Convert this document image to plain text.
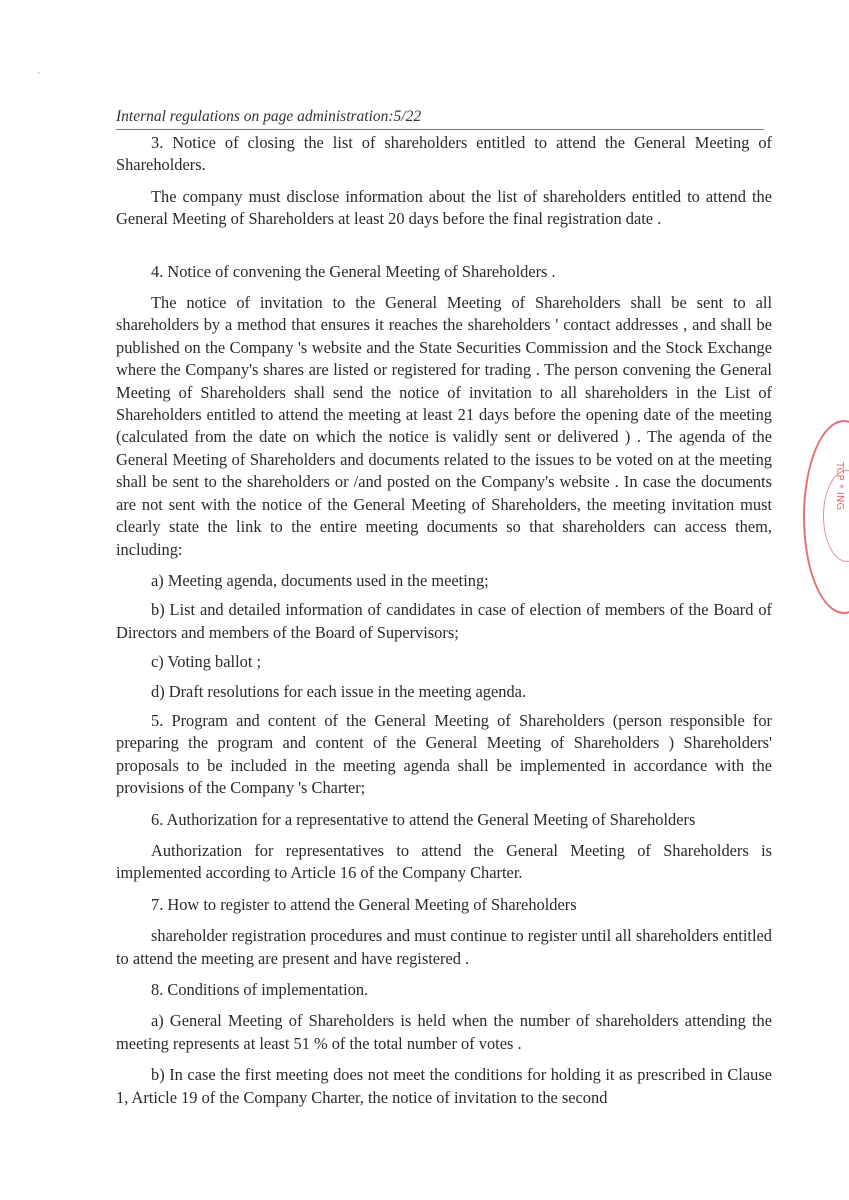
Internal regulations on page administration:5/22

3. Notice of closing the list of shareholders entitled to attend the General Meeting of Shareholders.

The company must disclose information about the list of shareholders entitled to attend the General Meeting of Shareholders at least 20 days before the final registration date .

4. Notice of convening the General Meeting of Shareholders .

The notice of invitation to the General Meeting of Shareholders shall be sent to all shareholders by a method that ensures it reaches the shareholders ' contact addresses , and shall be published on the Company 's website and the State Securities Commission and the Stock Exchange where the Company's shares are listed or registered for trading . The person convening the General Meeting of Shareholders shall send the notice of invitation to all shareholders in the List of Shareholders entitled to attend the meeting at least 21 days before the opening date of the meeting (calculated from the date on which the notice is validly sent or delivered ) . The agenda of the General Meeting of Shareholders and documents related to the issues to be voted on at the meeting shall be sent to the shareholders or /and posted on the Company's website . In case the documents are not sent with the notice of the General Meeting of Shareholders, the meeting invitation must clearly state the link to the entire meeting documents so that shareholders can access them, including:

a) Meeting agenda, documents used in the meeting;

b) List and detailed information of candidates in case of election of members of the Board of Directors and members of the Board of Supervisors;

c) Voting ballot ;

d) Draft resolutions for each issue in the meeting agenda.

5. Program and content of the General Meeting of Shareholders (person responsible for preparing the program and content of the General Meeting of Shareholders ) Shareholders' proposals to be included in the meeting agenda shall be implemented in accordance with the provisions of the Company 's Charter;

6. Authorization for a representative to attend the General Meeting of Shareholders

Authorization for representatives to attend the General Meeting of Shareholders is implemented according to Article 16 of the Company Charter.

7. How to register to attend the General Meeting of Shareholders

shareholder registration procedures and must continue to register until all shareholders entitled to attend the meeting are present and have registered .

8. Conditions of implementation.

a) General Meeting of Shareholders is held when the number of shareholders attending the meeting represents at least 51 % of the total number of votes .

b) In case the first meeting does not meet the conditions for holding it as prescribed in Clause 1, Article 19 of the Company Charter, the notice of invitation to the second

TCP * ING
